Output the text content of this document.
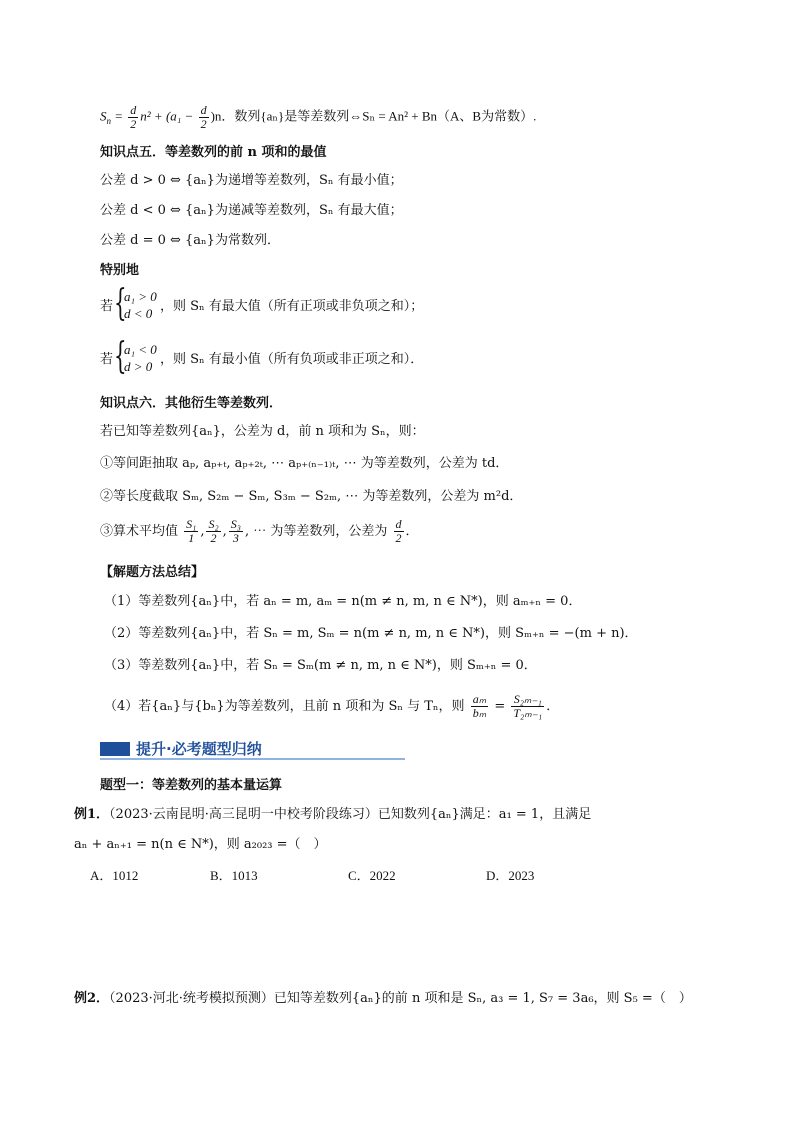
$S_n = \frac{d}{2} n^2 + (a_1 - \frac{d}{2} )n$．数列{aₙ}是等差数列⇔Sₙ = An² + Bn（A、B为常数）.
知识点五．等差数列的前 n 项和的最值
公差 d > 0 ⇔ {aₙ}为递增等差数列，Sₙ 有最小值；
公差 d < 0 ⇔ {aₙ}为递减等差数列，Sₙ 有最大值；
公差 d = 0 ⇔ {aₙ}为常数列．
特别地
若 {
a₁ > 0
d < 0 ，则 Sₙ 有最大值（所有正项或非负项之和）；
若 {
a₁ < 0
d > 0 ，则 Sₙ 有最小值（所有负项或非正项之和）．
知识点六．其他衍生等差数列．
若已知等差数列{aₙ}，公差为 d，前 n 项和为 Sₙ，则：
①等间距抽取 aₚ, aₚ₊ₜ, aₚ₊₂ₜ, ⋯ aₚ₊₍ₙ₋₁₎ₜ, ⋯ 为等差数列，公差为 td．
②等长度截取 Sₘ, S₂ₘ − Sₘ, S₃ₘ − S₂ₘ, ⋯ 为等差数列，公差为 m²d．
③算术平均值 $\frac{\text{S₁}}{1}$ , $\frac{\text{S₂}}{2}$ , $\frac{\text{S₃}}{3}$ , ⋯ 为等差数列，公差为 $\frac{d}{2}$ ．
【解题方法总结】
（1）等差数列{aₙ}中，若 aₙ = m, aₘ = n(m ≠ n, m, n ∈ N*)，则 aₘ₊ₙ = 0．
（2）等差数列{aₙ}中，若 Sₙ = m, Sₘ = n(m ≠ n, m, n ∈ N*)，则 Sₘ₊ₙ = −(m + n)．
（3）等差数列{aₙ}中，若 Sₙ = Sₘ(m ≠ n, m, n ∈ N*)，则 Sₘ₊ₙ = 0．
（4）若{aₙ}与{bₙ}为等差数列，且前 n 项和为 Sₙ 与 Tₙ，则 $\frac{\text{aₘ}}{\text{bₘ}} = \frac{\text{S₂ₘ₋₁}}{\text{T₂ₘ₋₁}}$ ．
提升·必考题型归纳
题型一：等差数列的基本量运算
例1．（2023·云南昆明·高三昆明一中校考阶段练习）已知数列{aₙ}满足：a₁ = 1，且满足
aₙ + aₙ₊₁ = n(n ∈ N*)，则 a₂₀₂₃ =（　）
A．1012	B．1013	C．2022	D．2023
例2．（2023·河北·统考模拟预测）已知等差数列{aₙ}的前 n 项和是 Sₙ, a₃ = 1, S₇ = 3a₆，则 S₅ =（　）
